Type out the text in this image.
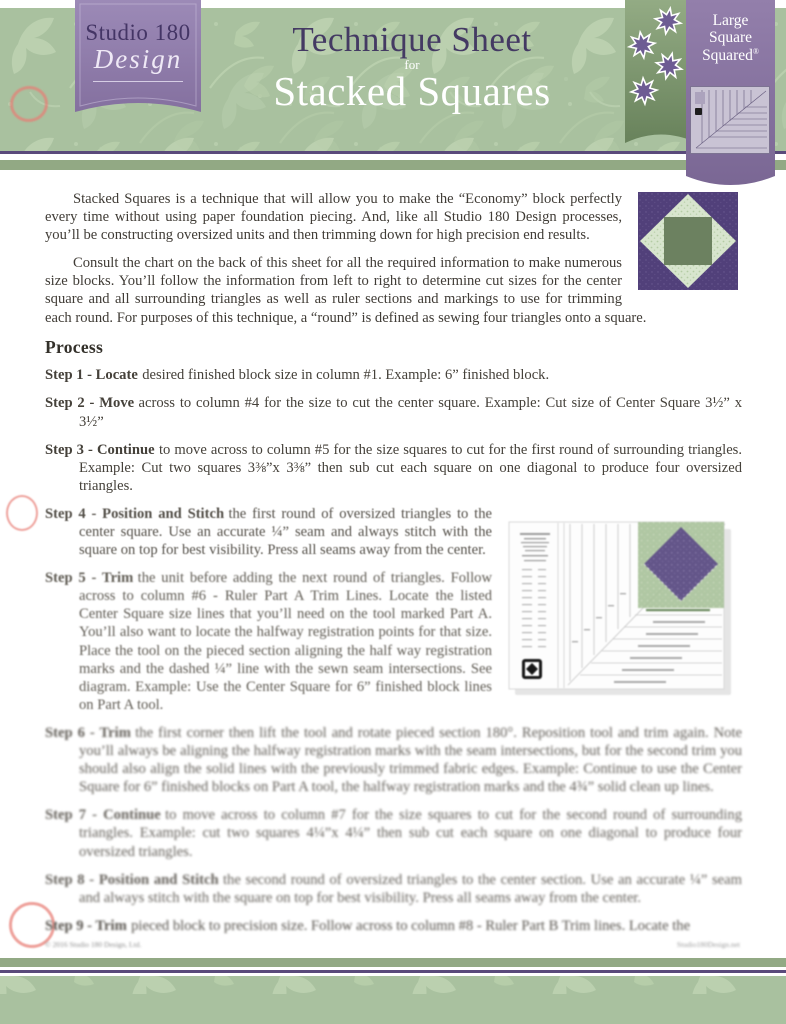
Studio 180
Design	Technique Sheet
for
Stacked Squares
Large
Square
Squared®

Stacked Squares is a technique that will allow you to make the “Economy” block perfectly every time without using paper foundation piecing. And, like all Studio 180 Design processes, you’ll be constructing oversized units and then trimming down for high precision end results.

Consult the chart on the back of this sheet for all the required information to make numerous size blocks. You’ll follow the information from left to right to determine cut sizes for the center square and all surrounding triangles as well as ruler sections and markings to use for trimming each round. For purposes of this technique, a “round” is defined as sewing four triangles onto a square.

Process

Step 1 - Locate desired finished block size in column #1. Example: 6” finished block.

Step 2 - Move across to column #4 for the size to cut the center square. Example: Cut size of Center Square 3½” x 3½”

Step 3 - Continue to move across to column #5 for the size squares to cut for the first round of surrounding triangles. Example: Cut two squares 3⅜”x 3⅜” then sub cut each square on one diagonal to produce four oversized triangles.

Step 4 - Position and Stitch the first round of oversized triangles to the center square. Use an accurate ¼” seam and always stitch with the square on top for best visibility. Press all seams away from the center.

Step 5 - Trim the unit before adding the next round of triangles. Follow across to column #6 - Ruler Part A Trim Lines. Locate the listed Center Square size lines that you’ll need on the tool marked Part A. You’ll also want to locate the halfway registration points for that size. Place the tool on the pieced section aligning the half way registration marks and the dashed ¼” line with the sewn seam intersections. See diagram. Example: Use the Center Square for 6” finished block lines on Part A tool.

Step 6 - Trim the first corner then lift the tool and rotate pieced section 180°. Reposition tool and trim again. Note you’ll always be aligning the halfway registration marks with the seam intersections, but for the second trim you should also align the solid lines with the previously trimmed fabric edges. Example: Continue to use the Center Square for 6” finished blocks on Part A tool, the halfway registration marks and the 4¾” solid clean up lines.

Step 7 - Continue to move across to column #7 for the size squares to cut for the second round of surrounding triangles. Example: cut two squares 4¼”x 4¼” then sub cut each square on one diagonal to produce four oversized triangles.

Step 8 - Position and Stitch the second round of oversized triangles to the center section. Use an accurate ¼” seam and always stitch with the square on top for best visibility. Press all seams away from the center.

Step 9 - Trim pieced block to precision size. Follow across to column #8 - Ruler Part B Trim lines. Locate the

© 2016 Studio 180 Design, Ltd.	Studio180Design.net
